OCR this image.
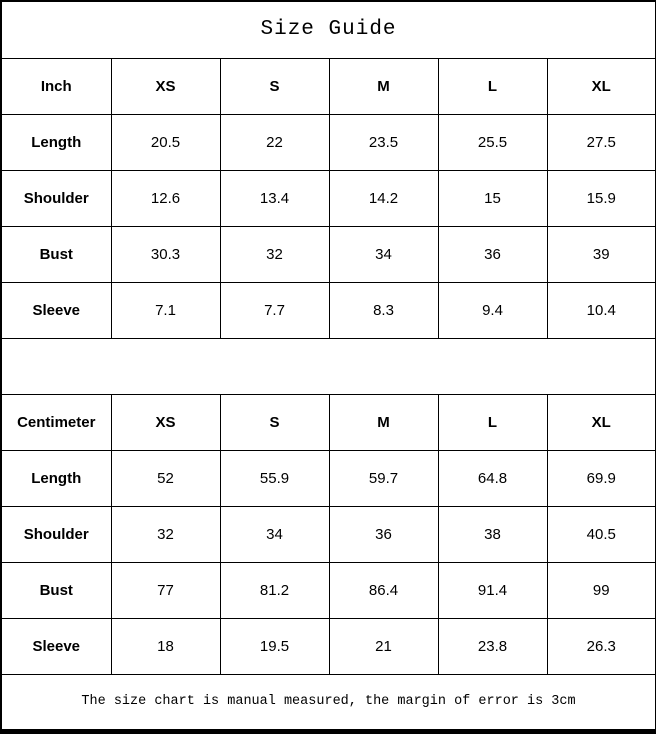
Size Guide					
Inch	XS	S	M	L	XL
Length	20.5	22	23.5	25.5	27.5
Shoulder	12.6	13.4	14.2	15	15.9
Bust	30.3	32	34	36	39
Sleeve	7.1	7.7	8.3	9.4	10.4

Centimeter	XS	S	M	L	XL
Length	52	55.9	59.7	64.8	69.9
Shoulder	32	34	36	38	40.5
Bust	77	81.2	86.4	91.4	99
Sleeve	18	19.5	21	23.8	26.3
The size chart is manual measured, the margin of error is 3cm					
